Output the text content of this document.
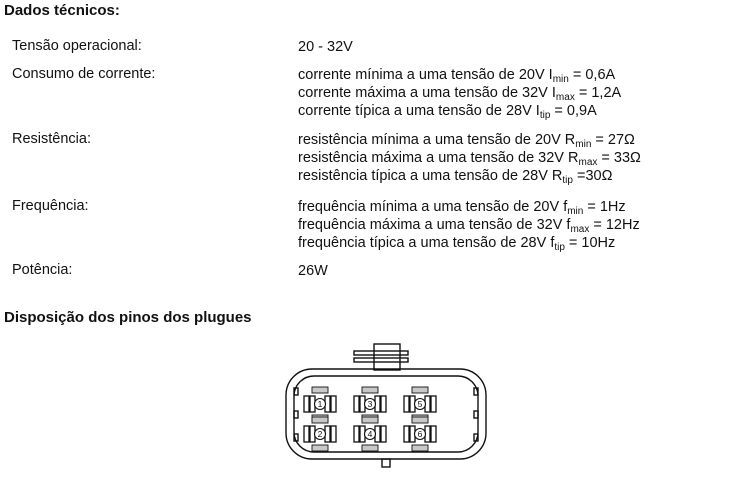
Dados técnicos:
Tensão operacional:	20 - 32V
Consumo de corrente:	corrente mínima a uma tensão de 20V $I_{min} = 0,6A$
corrente máxima a uma tensão de 32V $I_{max} = 1,2A$
corrente típica a uma tensão de 28V $I_{tip} = 0,9A$
Resistência:	resistência mínima a uma tensão de 20V $R_{min} = 27\Omega$
resistência máxima a uma tensão de 32V $R_{max} = 33\Omega$
resistência típica a uma tensão de 28V $R_{tip} =30\Omega$
Frequência:	frequência mínima a uma tensão de 20V $f_{min} = 1Hz$
frequência máxima a uma tensão de 32V $f_{max} = 12Hz$
frequência típica a uma tensão de 28V $f_{tip} = 10Hz$
Potência:	26W
Disposição dos pinos dos plugues
1
2
3
4
5
6
